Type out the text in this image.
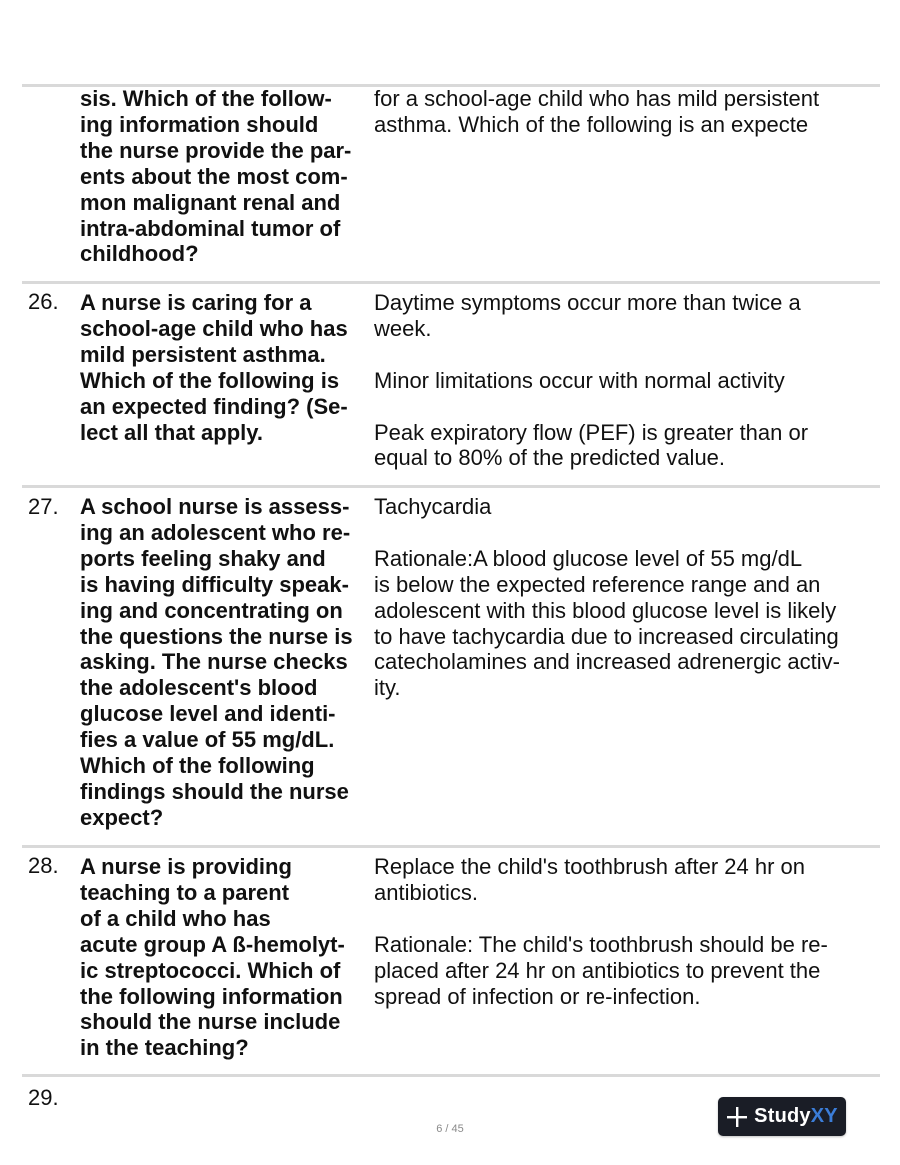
sis. Which of the follow-
ing information should
the nurse provide the par-
ents about the most com-
mon malignant renal and
intra-abdominal tumor of
childhood?

for a school-age child who has mild persistent
asthma. Which of the following is an expecte

26. A nurse is caring for a
school-age child who has
mild persistent asthma.
Which of the following is
an expected finding? (Se-
lect all that apply.

Daytime symptoms occur more than twice a
week.

Minor limitations occur with normal activity

Peak expiratory flow (PEF) is greater than or
equal to 80% of the predicted value.

27. A school nurse is assess-
ing an adolescent who re-
ports feeling shaky and
is having difficulty speak-
ing and concentrating on
the questions the nurse is
asking. The nurse checks
the adolescent's blood
glucose level and identi-
fies a value of 55 mg/dL.
Which of the following
findings should the nurse
expect?

Tachycardia

Rationale:A blood glucose level of 55 mg/dL
is below the expected reference range and an
adolescent with this blood glucose level is likely
to have tachycardia due to increased circulating
catecholamines and increased adrenergic activ-
ity.

28. A nurse is providing
teaching to a parent
of a child who has
acute group A ß-hemolyt-
ic streptococci. Which of
the following information
should the nurse include
in the teaching?

Replace the child's toothbrush after 24 hr on
antibiotics.

Rationale: The child's toothbrush should be re-
placed after 24 hr on antibiotics to prevent the
spread of infection or re-infection.

29.
6 / 45
StudyXY
